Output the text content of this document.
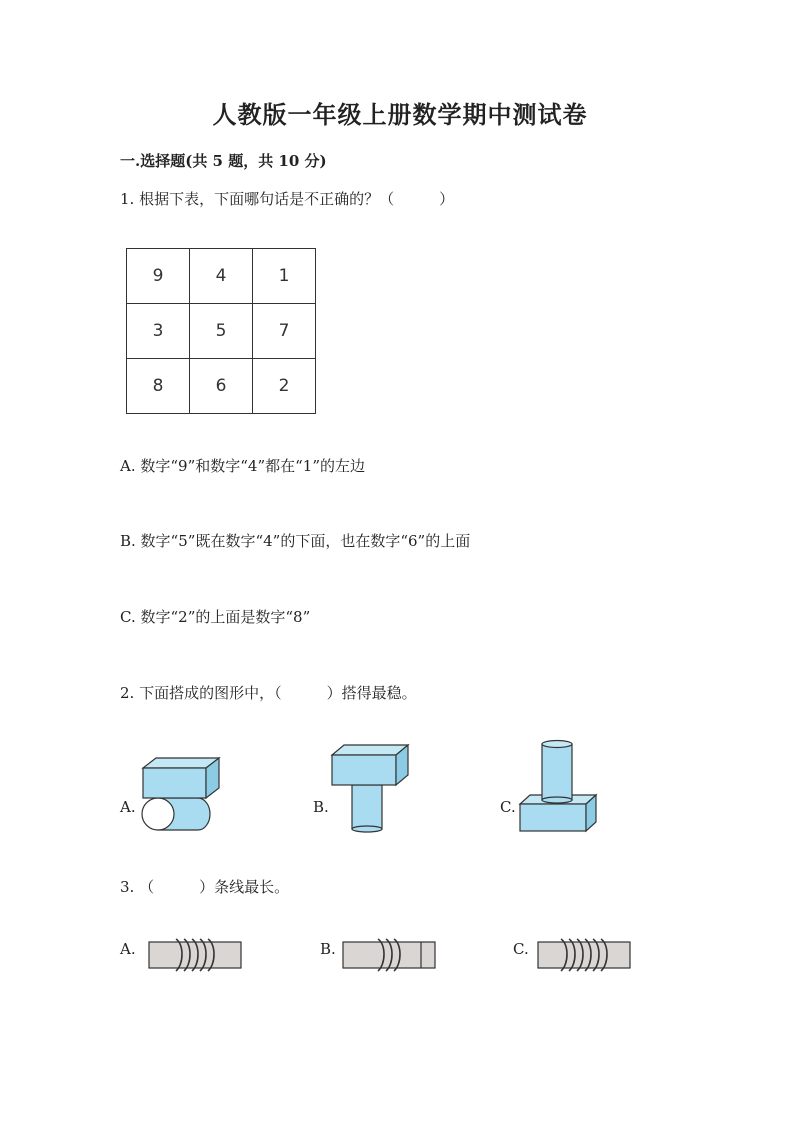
人教版一年级上册数学期中测试卷
一.选择题(共 5 题，共 10 分)
1. 根据下表，下面哪句话是不正确的？（　　　）
9	4	1
3	5	7
8	6	2
A. 数字“9”和数字“4”都在“1”的左边
B. 数字“5”既在数字“4”的下面，也在数字“6”的上面
C. 数字“2”的上面是数字“8”
2. 下面搭成的图形中，（　　　）搭得最稳。
A.	B.	C.
3. （　　　）条线最长。
A.	B.	C.
